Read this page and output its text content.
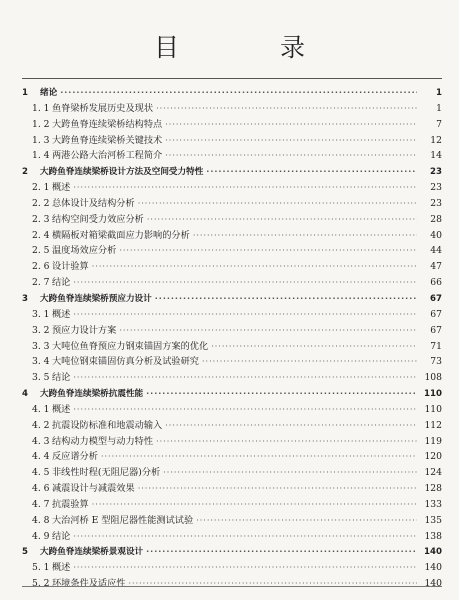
目　录
1	绪论 ·····	1
1. 1 鱼脊梁桥发展历史及现状 ·····	1
1. 2 大跨鱼脊连续梁桥结构特点 ·····	7
1. 3 大跨鱼脊连续梁桥关键技术 ·····	12
1. 4 两港公路大治河桥工程简介 ·····	14
2	大跨鱼脊连续梁桥设计方法及空间受力特性 ·····	23
2. 1 概述 ·····	23
2. 2 总体设计及结构分析 ·····	23
2. 3 结构空间受力效应分析 ·····	28
2. 4 横隔板对箱梁截面应力影响的分析 ·····	40
2. 5 温度场效应分析 ·····	44
2. 6 设计验算 ·····	47
2. 7 结论 ·····	66
3	大跨鱼脊连续梁桥预应力设计 ·····	67
3. 1 概述 ·····	67
3. 2 预应力设计方案 ·····	67
3. 3 大吨位鱼脊预应力钢束锚固方案的优化 ·····	71
3. 4 大吨位钢束锚固仿真分析及试验研究 ·····	73
3. 5 结论 ·····	108
4	大跨鱼脊连续梁桥抗震性能 ·····	110
4. 1 概述 ·····	110
4. 2 抗震设防标准和地震动输入 ·····	112
4. 3 结构动力模型与动力特性 ·····	119
4. 4 反应谱分析 ·····	120
4. 5 非线性时程(无阻尼器)分析 ·····	124
4. 6 减震设计与减震效果 ·····	128
4. 7 抗震验算 ·····	133
4. 8 大治河桥 E 型阻尼器性能测试试验 ·····	135
4. 9 结论 ·····	138
5	大跨鱼脊连续梁桥景观设计 ·····	140
5. 1 概述 ·····	140
5. 2 环境条件及适应性 ·····	140
